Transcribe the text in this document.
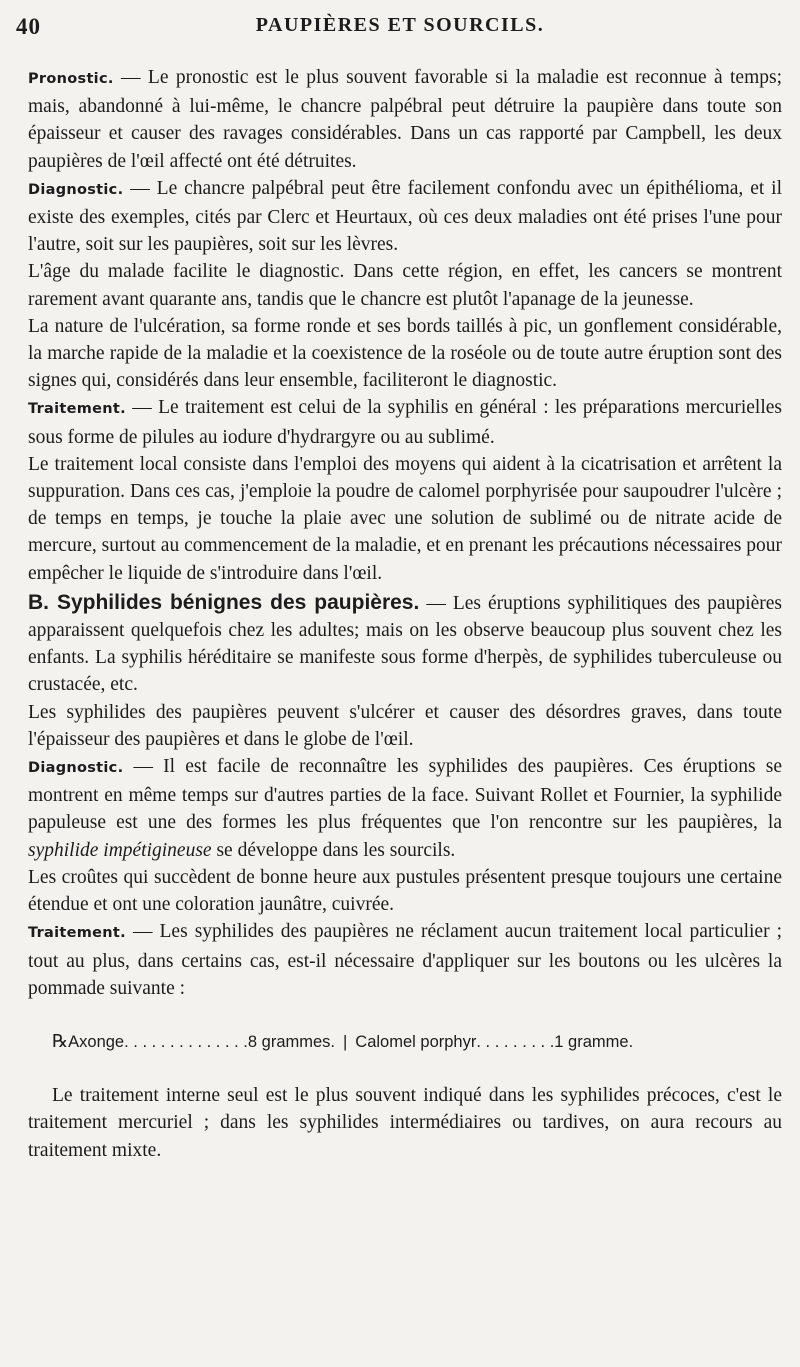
40	PAUPIÈRES ET SOURCILS.

Pronostic. — Le pronostic est le plus souvent favorable si la maladie est reconnue à temps; mais, abandonné à lui-même, le chancre palpébral peut détruire la paupière dans toute son épaisseur et causer des ravages considérables. Dans un cas rapporté par Campbell, les deux paupières de l'œil affecté ont été détruites.

Diagnostic. — Le chancre palpébral peut être facilement confondu avec un épithélioma, et il existe des exemples, cités par Clerc et Heurtaux, où ces deux maladies ont été prises l'une pour l'autre, soit sur les paupières, soit sur les lèvres.

L'âge du malade facilite le diagnostic. Dans cette région, en effet, les cancers se montrent rarement avant quarante ans, tandis que le chancre est plutôt l'apanage de la jeunesse.

La nature de l'ulcération, sa forme ronde et ses bords taillés à pic, un gonflement considérable, la marche rapide de la maladie et la coexistence de la roséole ou de toute autre éruption sont des signes qui, considérés dans leur ensemble, faciliteront le diagnostic.

Traitement. — Le traitement est celui de la syphilis en général : les préparations mercurielles sous forme de pilules au iodure d'hydrargyre ou au sublimé.

Le traitement local consiste dans l'emploi des moyens qui aident à la cicatrisation et arrêtent la suppuration. Dans ces cas, j'emploie la poudre de calomel porphyrisée pour saupoudrer l'ulcère ; de temps en temps, je touche la plaie avec une solution de sublimé ou de nitrate acide de mercure, surtout au commencement de la maladie, et en prenant les précautions nécessaires pour empêcher le liquide de s'introduire dans l'œil.

B. Syphilides bénignes des paupières. — Les éruptions syphilitiques des paupières apparaissent quelquefois chez les adultes; mais on les observe beaucoup plus souvent chez les enfants. La syphilis héréditaire se manifeste sous forme d'herpès, de syphilides tuberculeuse ou crustacée, etc.

Les syphilides des paupières peuvent s'ulcérer et causer des désordres graves, dans toute l'épaisseur des paupières et dans le globe de l'œil.

Diagnostic. — Il est facile de reconnaître les syphilides des paupières. Ces éruptions se montrent en même temps sur d'autres parties de la face. Suivant Rollet et Fournier, la syphilide papuleuse est une des formes les plus fréquentes que l'on rencontre sur les paupières, la syphilide impétigineuse se développe dans les sourcils.

Les croûtes qui succèdent de bonne heure aux pustules présentent presque toujours une certaine étendue et ont une coloration jaunâtre, cuivrée.

Traitement. — Les syphilides des paupières ne réclament aucun traitement local particulier ; tout au plus, dans certains cas, est-il nécessaire d'appliquer sur les boutons ou les ulcères la pommade suivante :

℞ Axonge . . . . . . . . . . . . . . 8 grammes. | Calomel porphyr . . . . . . . . . 1 gramme.

Le traitement interne seul est le plus souvent indiqué dans les syphilides précoces, c'est le traitement mercuriel ; dans les syphilides intermédiaires ou tardives, on aura recours au traitement mixte.
